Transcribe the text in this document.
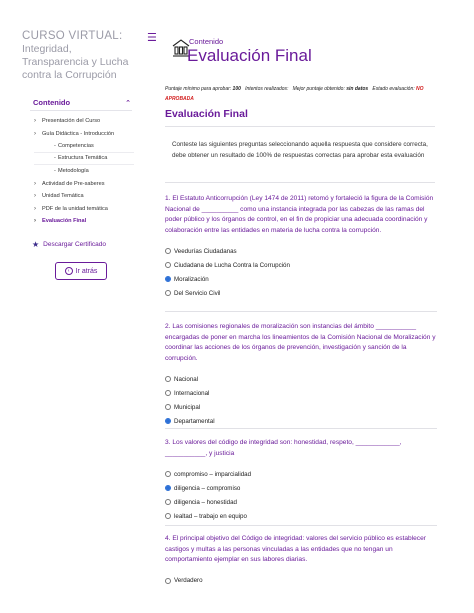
CURSO VIRTUAL:
Integridad,
Transparencia y Lucha
contra la Corrupción
Contenido	⌃
›	Presentación del Curso
›	Guía Didáctica - Introducción
- Competencias
- Estructura Temática
- Metodología
›	Actividad de Pre-saberes
›	Unidad Temática
›	PDF de la unidad temática
›	Evaluación Final
★ Descargar Certificado
‹ Ir atrás
☰	Contenido
Evaluación Final
Puntaje mínimo para aprobar: 100 Intentos realizados: Mejor puntaje obtenido: sin datos Estado evaluación: NO
APROBADA
Evaluación Final
Conteste las siguientes preguntas seleccionando aquella respuesta que considere correcta, debe obtener un resultado de 100% de respuestas correctas para aprobar esta evaluación
1. El Estatuto Anticorrupción (Ley 1474 de 2011) retomó y fortaleció la figura de la Comisión Nacional de __________ como una instancia integrada por las cabezas de las ramas del poder público y los órganos de control, en el fin de propiciar una adecuada coordinación y colaboración entre las entidades en materia de lucha contra la corrupción.
Veedurías Ciudadanas
Ciudadana de Lucha Contra la Corrupción
Moralización
Del Servicio Civil
2. Las comisiones regionales de moralización son instancias del ámbito ___________ encargadas de poner en marcha los lineamientos de la Comisión Nacional de Moralización y coordinar las acciones de los órganos de prevención, investigación y sanción de la corrupción.
Nacional
Internacional
Municipal
Departamental
3. Los valores del código de integridad son: honestidad, respeto, ____________, ___________, y justicia
compromiso – imparcialidad
diligencia – compromiso
diligencia – honestidad
lealtad – trabajo en equipo
4. El principal objetivo del Código de integridad: valores del servicio público es establecer castigos y multas a las personas vinculadas a las entidades que no tengan un comportamiento ejemplar en sus labores diarias.
Verdadero
